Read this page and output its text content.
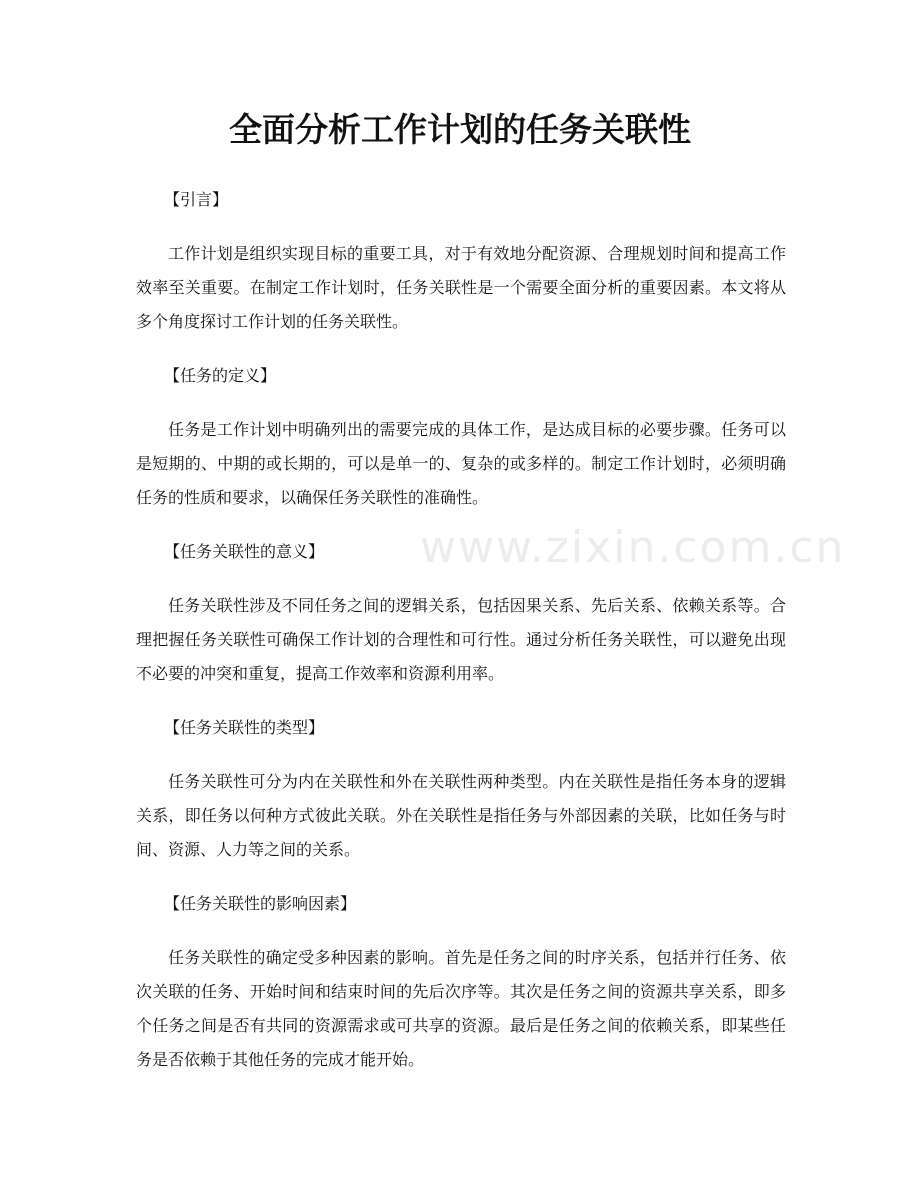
www.zixin.com.cn
全面分析工作计划的任务关联性

【引言】

工作计划是组织实现目标的重要工具，对于有效地分配资源、合理规划时间和提高工作效率至关重要。在制定工作计划时，任务关联性是一个需要全面分析的重要因素。本文将从多个角度探讨工作计划的任务关联性。

【任务的定义】

任务是工作计划中明确列出的需要完成的具体工作，是达成目标的必要步骤。任务可以是短期的、中期的或长期的，可以是单一的、复杂的或多样的。制定工作计划时，必须明确任务的性质和要求，以确保任务关联性的准确性。

【任务关联性的意义】

任务关联性涉及不同任务之间的逻辑关系，包括因果关系、先后关系、依赖关系等。合理把握任务关联性可确保工作计划的合理性和可行性。通过分析任务关联性，可以避免出现不必要的冲突和重复，提高工作效率和资源利用率。

【任务关联性的类型】

任务关联性可分为内在关联性和外在关联性两种类型。内在关联性是指任务本身的逻辑关系，即任务以何种方式彼此关联。外在关联性是指任务与外部因素的关联，比如任务与时间、资源、人力等之间的关系。

【任务关联性的影响因素】

任务关联性的确定受多种因素的影响。首先是任务之间的时序关系，包括并行任务、依次关联的任务、开始时间和结束时间的先后次序等。其次是任务之间的资源共享关系，即多个任务之间是否有共同的资源需求或可共享的资源。最后是任务之间的依赖关系，即某些任务是否依赖于其他任务的完成才能开始。
